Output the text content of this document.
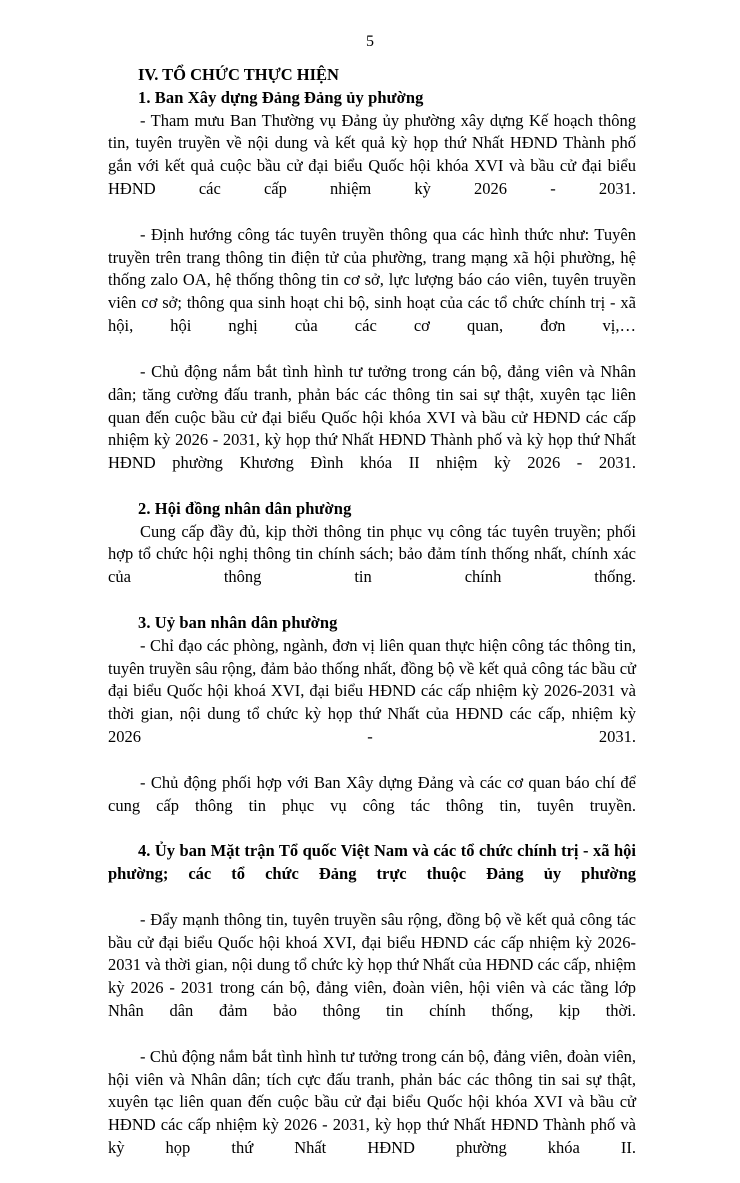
5

IV. TỔ CHỨC THỰC HIỆN

1. Ban Xây dựng Đảng Đảng ủy phường

- Tham mưu Ban Thường vụ Đảng ủy phường xây dựng Kế hoạch thông tin, tuyên truyền về nội dung và kết quả kỳ họp thứ Nhất HĐND Thành phố gắn với kết quả cuộc bầu cử đại biểu Quốc hội khóa XVI và bầu cử đại biểu HĐND các cấp nhiệm kỳ 2026 - 2031.

- Định hướng công tác tuyên truyền thông qua các hình thức như: Tuyên truyền trên trang thông tin điện tử của phường, trang mạng xã hội phường, hệ thống zalo OA, hệ thống thông tin cơ sở, lực lượng báo cáo viên, tuyên truyền viên cơ sở; thông qua sinh hoạt chi bộ, sinh hoạt của các tổ chức chính trị - xã hội, hội nghị của các cơ quan, đơn vị,…

- Chủ động nắm bắt tình hình tư tưởng trong cán bộ, đảng viên và Nhân dân; tăng cường đấu tranh, phản bác các thông tin sai sự thật, xuyên tạc liên quan đến cuộc bầu cử đại biểu Quốc hội khóa XVI và bầu cử HĐND các cấp nhiệm kỳ 2026 - 2031, kỳ họp thứ Nhất HĐND Thành phố và kỳ họp thứ Nhất HĐND phường Khương Đình khóa II nhiệm kỳ 2026 - 2031.

2. Hội đồng nhân dân phường

Cung cấp đầy đủ, kịp thời thông tin phục vụ công tác tuyên truyền; phối hợp tổ chức hội nghị thông tin chính sách; bảo đảm tính thống nhất, chính xác của thông tin chính thống.

3. Uỷ ban nhân dân phường

- Chỉ đạo các phòng, ngành, đơn vị liên quan thực hiện công tác thông tin, tuyên truyền sâu rộng, đảm bảo thống nhất, đồng bộ về kết quả công tác bầu cử đại biểu Quốc hội khoá XVI, đại biểu HĐND các cấp nhiệm kỳ 2026-2031 và thời gian, nội dung tổ chức kỳ họp thứ Nhất của HĐND các cấp, nhiệm kỳ 2026 - 2031.

- Chủ động phối hợp với Ban Xây dựng Đảng và các cơ quan báo chí để cung cấp thông tin phục vụ công tác thông tin, tuyên truyền.

4. Ủy ban Mặt trận Tổ quốc Việt Nam và các tổ chức chính trị - xã hội phường; các tổ chức Đảng trực thuộc Đảng ủy phường

- Đẩy mạnh thông tin, tuyên truyền sâu rộng, đồng bộ về kết quả công tác bầu cử đại biểu Quốc hội khoá XVI, đại biểu HĐND các cấp nhiệm kỳ 2026-2031 và thời gian, nội dung tổ chức kỳ họp thứ Nhất của HĐND các cấp, nhiệm kỳ 2026 - 2031 trong cán bộ, đảng viên, đoàn viên, hội viên và các tầng lớp Nhân dân đảm bảo thông tin chính thống, kịp thời.

- Chủ động nắm bắt tình hình tư tưởng trong cán bộ, đảng viên, đoàn viên, hội viên và Nhân dân; tích cực đấu tranh, phản bác các thông tin sai sự thật, xuyên tạc liên quan đến cuộc bầu cử đại biểu Quốc hội khóa XVI và bầu cử HĐND các cấp nhiệm kỳ 2026 - 2031, kỳ họp thứ Nhất HĐND Thành phố và kỳ họp thứ Nhất HĐND phường khóa II.
